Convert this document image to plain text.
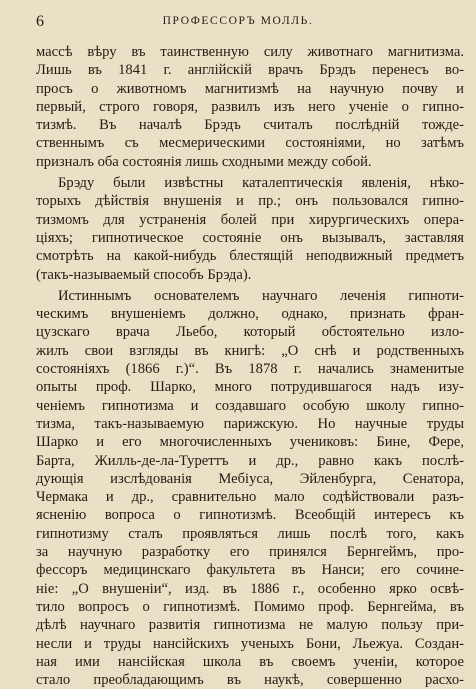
6	ПРОФЕССОРЪ МОЛЛЬ.
массѣ вѣру въ таинственную силу животнаго магнитизма.
Лишь въ 1841 г. англійскій врачъ Брэдъ перенесъ во-
просъ о животномъ магнитизмѣ на научную почву и
первый, строго говоря, развилъ изъ него ученіе о гипно-
тизмѣ. Въ началѣ Брэдъ считалъ послѣдній тожде-
ственнымъ съ месмерическими состояніями, но затѣмъ
призналъ оба состоянія лишь сходными между собой.
Брэду были извѣстны каталептическія явленія, нѣко-
торыхъ дѣйствія внушенія и пр.; онъ пользовался гипно-
тизмомъ для устраненія болей при хирургическихъ опера-
ціяхъ; гипнотическое состояніе онъ вызывалъ, заставляя
смотрѣть на какой-нибудь блестящій неподвижный предметъ
(такъ-называемый способъ Брэда).
Истиннымъ основателемъ научнаго леченія гипноти-
ческимъ внушеніемъ должно, однако, признать фран-
цузскаго врача Льебо, который обстоятельно изло-
жилъ свои взгляды въ книгѣ: „О снѣ и родственныхъ
состояніяхъ (1866 г.)“. Въ 1878 г. начались знаменитые
опыты проф. Шарко, много потрудившагося надъ изу-
ченіемъ гипнотизма и создавшаго особую школу гипно-
тизма, такъ-называемую парижскую. Но научные труды
Шарко и его многочисленныхъ учениковъ: Бине, Фере,
Барта, Жилль-де-ла-Туреттъ и др., равно какъ послѣ-
дующія изслѣдованія Мебіуса, Эйленбурга, Сенатора,
Чермака и др., сравнительно мало содѣйствовали разъ-
ясненію вопроса о гипнотизмѣ. Всеобщій интересъ къ
гипнотизму сталъ проявляться лишь послѣ того, какъ
за научную разработку его принялся Бернгеймъ, про-
фессоръ медицинскаго факультета въ Нанси; его сочине-
ніе: „О внушеніи“, изд. въ 1886 г., особенно ярко освѣ-
тило вопросъ о гипнотизмѣ. Помимо проф. Бернгейма, въ
дѣлѣ научнаго развитія гипнотизма не малую пользу при-
несли и труды нансійскихъ ученыхъ Бони, Льежуа. Создан-
ная ими нансійская школа въ своемъ ученіи, которое
стало преобладающимъ въ наукѣ, совершенно расхо-
